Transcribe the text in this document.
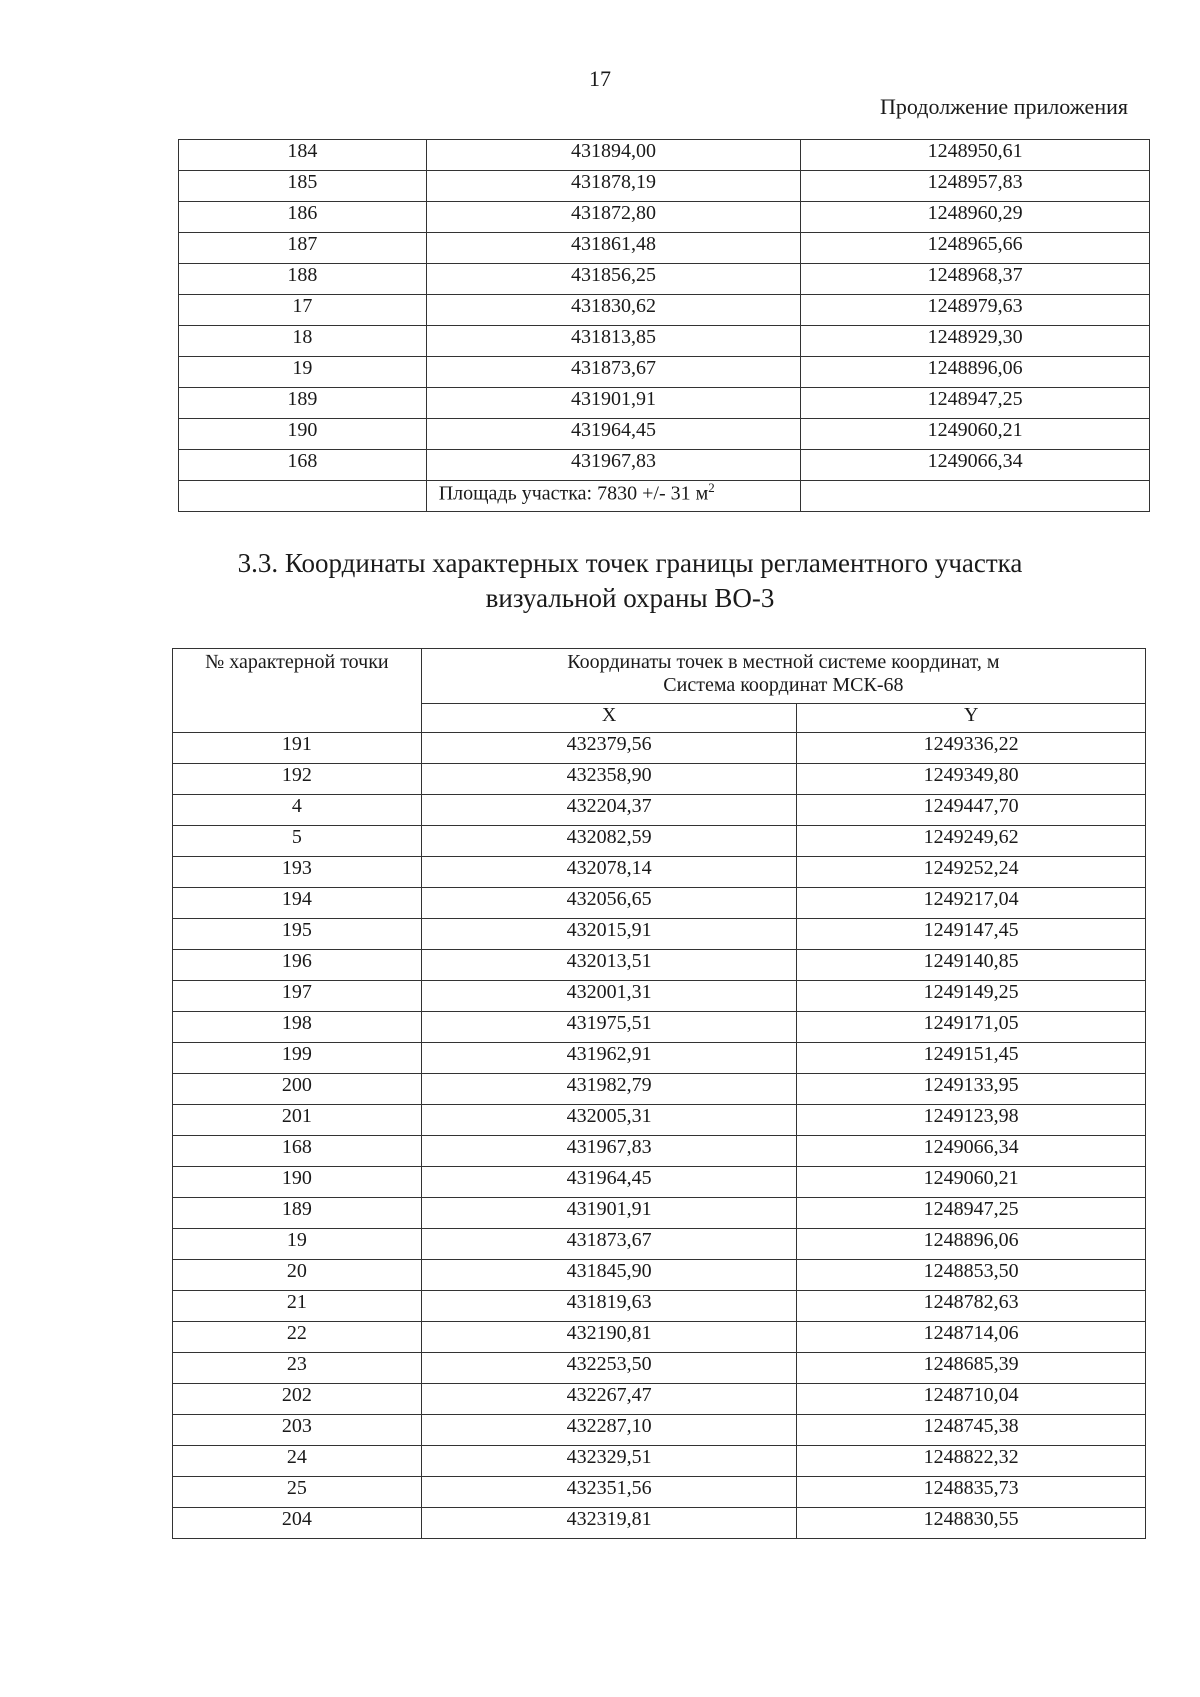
17
Продолжение приложения
184	431894,00	1248950,61
185	431878,19	1248957,83
186	431872,80	1248960,29
187	431861,48	1248965,66
188	431856,25	1248968,37
17	431830,62	1248979,63
18	431813,85	1248929,30
19	431873,67	1248896,06
189	431901,91	1248947,25
190	431964,45	1249060,21
168	431967,83	1249066,34
	Площадь участка: 7830 +/- 31 $м^2$	
3.3. Координаты характерных точек границы регламентного участка
визуальной охраны ВО-3
№ характерной точки	Координаты точек в местной системе координат, м
Система координат МСК-68	

	X	Y
191	432379,56	1249336,22
192	432358,90	1249349,80
4	432204,37	1249447,70
5	432082,59	1249249,62
193	432078,14	1249252,24
194	432056,65	1249217,04
195	432015,91	1249147,45
196	432013,51	1249140,85
197	432001,31	1249149,25
198	431975,51	1249171,05
199	431962,91	1249151,45
200	431982,79	1249133,95
201	432005,31	1249123,98
168	431967,83	1249066,34
190	431964,45	1249060,21
189	431901,91	1248947,25
19	431873,67	1248896,06
20	431845,90	1248853,50
21	431819,63	1248782,63
22	432190,81	1248714,06
23	432253,50	1248685,39
202	432267,47	1248710,04
203	432287,10	1248745,38
24	432329,51	1248822,32
25	432351,56	1248835,73
204	432319,81	1248830,55
